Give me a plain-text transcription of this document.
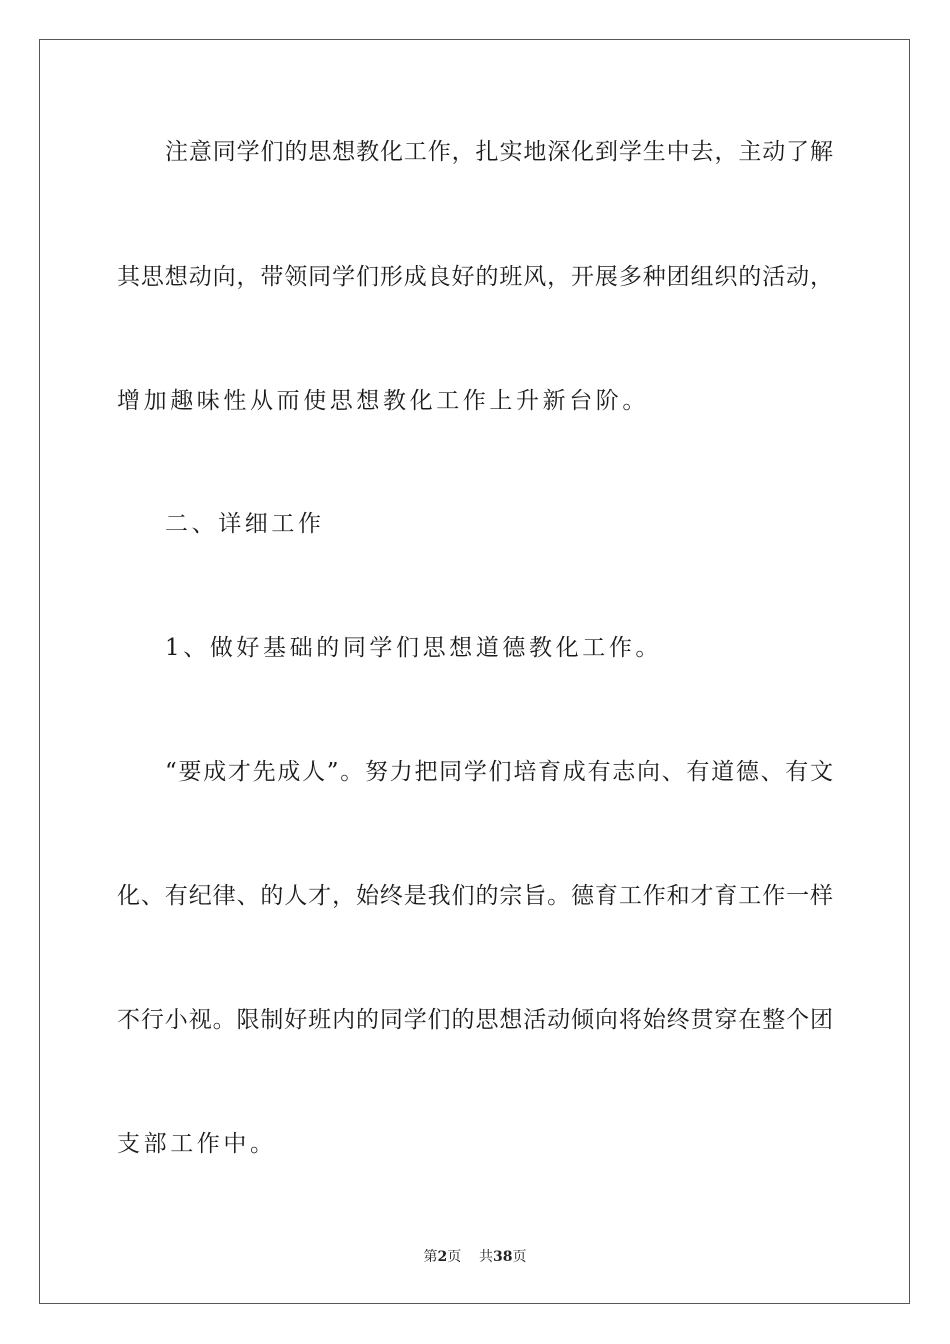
注意同学们的思想教化工作，扎实地深化到学生中去，主动了解
其思想动向，带领同学们形成良好的班风，开展多种团组织的活动，
增加趣味性从而使思想教化工作上升新台阶。
二、详细工作
1、做好基础的同学们思想道德教化工作。
“要成才先成人”。努力把同学们培育成有志向、有道德、有文
化、有纪律、的人才，始终是我们的宗旨。德育工作和才育工作一样
不行小视。限制好班内的同学们的思想活动倾向将始终贯穿在整个团
支部工作中。
第2页 共38页
